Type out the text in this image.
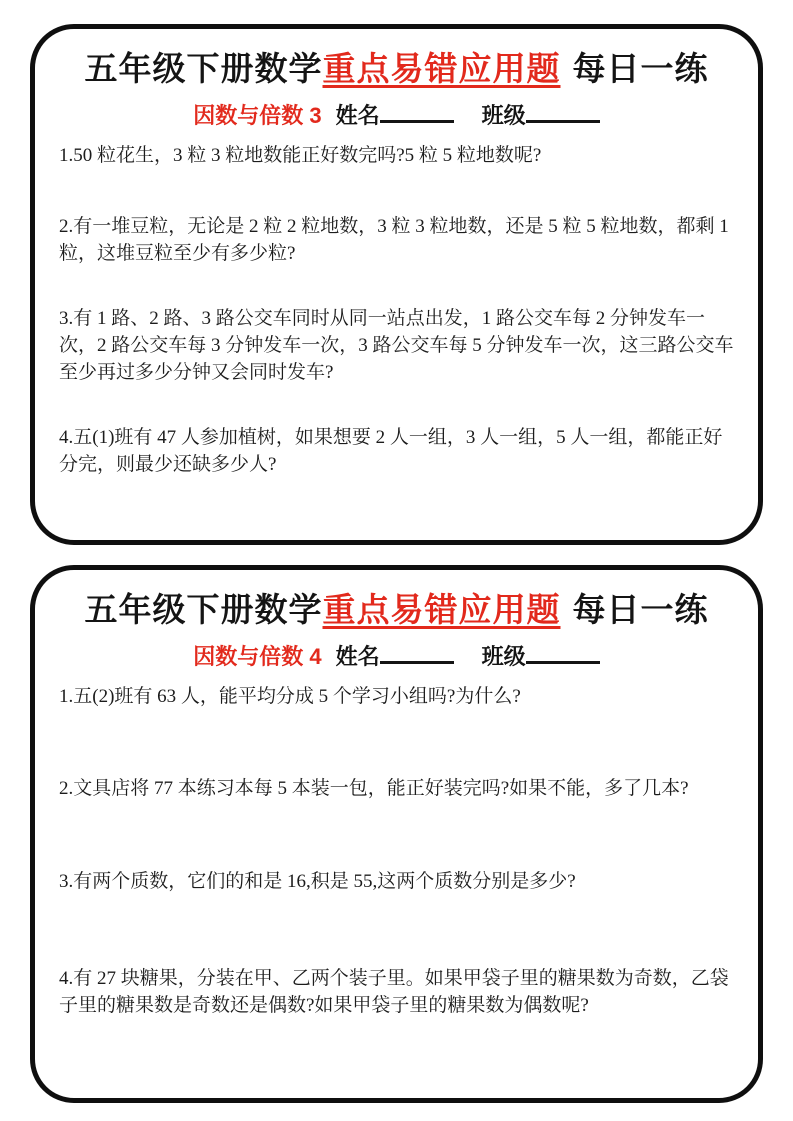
五年级下册数学重点易错应用题 每日一练
因数与倍数 3 姓名	班级
1.50 粒花生，3 粒 3 粒地数能正好数完吗?5 粒 5 粒地数呢?
2.有一堆豆粒，无论是 2 粒 2 粒地数，3 粒 3 粒地数，还是 5 粒 5 粒地数，都剩 1 粒，这堆豆粒至少有多少粒?
3.有 1 路、2 路、3 路公交车同时从同一站点出发，1 路公交车每 2 分钟发车一次，2 路公交车每 3 分钟发车一次，3 路公交车每 5 分钟发车一次，这三路公交车至少再过多少分钟又会同时发车?
4.五(1)班有 47 人参加植树，如果想要 2 人一组，3 人一组，5 人一组，都能正好分完，则最少还缺多少人?
五年级下册数学重点易错应用题 每日一练
因数与倍数 4 姓名	班级
1.五(2)班有 63 人，能平均分成 5 个学习小组吗?为什么?
2.文具店将 77 本练习本每 5 本装一包，能正好装完吗?如果不能，多了几本?
3.有两个质数，它们的和是 16,积是 55,这两个质数分别是多少?
4.有 27 块糖果，分装在甲、乙两个装子里。如果甲袋子里的糖果数为奇数，乙袋子里的糖果数是奇数还是偶数?如果甲袋子里的糖果数为偶数呢?
